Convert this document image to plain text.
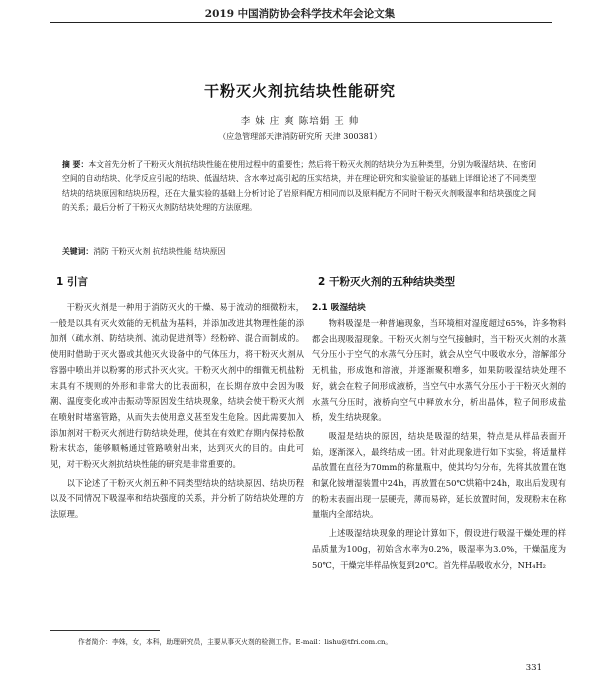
2019 中国消防协会科学技术年会论文集
干粉灭火剂抗结块性能研究
李 妹 庄 爽 陈培娟 王 帅
（应急管理部天津消防研究所 天津 300381）

摘 要：本文首先分析了干粉灭火剂抗结块性能在使用过程中的重要性；然后将干粉灭火剂的结块分为五种类型，分别为吸湿结块、在密闭空间的自动结块、化学反应引起的结块、低温结块、含水率过高引起的压实结块，并在理论研究和实验验证的基础上详细论述了不同类型结块的结块原因和结块历程，还在大量实验的基础上分析讨论了岩原料配方相同而以及原料配方不同时干粉灭火剂吸湿率和结块强度之间的关系；最后分析了干粉灭火剂防结块处理的方法原理。

关键词：消防 干粉灭火剂 抗结块性能 结块原因

1 引言

干粉灭火剂是一种用于消防灭火的干燥、易于流动的细微粉末，一般是以具有灭火效能的无机盐为基料，并添加改进其物理性能的添加剂（疏水剂、防结块剂、流动促进剂等）经粉碎、混合而制成的。使用时借助于灭火器或其他灭火设备中的气体压力，将干粉灭火剂从容器中喷出并以粉雾的形式扑灭火灾。干粉灭火剂中的细微无机盐粉末具有不规则的外形和非常大的比表面积，在长期存放中会因为吸潮、温度变化或冲击振动等原因发生结块现象，结块会使干粉灭火剂在喷射时堵塞管路，从而失去使用意义甚至发生危险。因此需要加入添加剂对干粉灭火剂进行防结块处理，使其在有效贮存期内保持松散粉末状态，能够顺畅通过管路喷射出来，达到灭火的目的。由此可见，对干粉灭火剂抗结块性能的研究是非常重要的。

以下论述了干粉灭火剂五种不同类型结块的结块原因、结块历程以及不同情况下吸湿率和结块强度的关系，并分析了防结块处理的方法原理。

2 干粉灭火剂的五种结块类型
2.1 吸湿结块

物料吸湿是一种普遍现象，当环境相对湿度超过65%，许多物料都会出现吸湿现象。干粉灭火剂与空气接触时，当干粉灭火剂的水蒸气分压小于空气的水蒸气分压时，就会从空气中吸收水分，溶解部分无机盐，形成饱和溶液，并逐渐聚积增多，如果防吸湿结块处理不好，就会在粒子间形成液桥，当空气中水蒸气分压小于干粉灭火剂的水蒸气分压时，液桥向空气中释放水分，析出晶体，粒子间形成盐桥，发生结块现象。

吸湿是结块的原因，结块是吸湿的结果，特点是从样品表面开始，逐渐深入，最终结成一团。针对此现象进行如下实验，将适量样品放置在直径为70mm的称量瓶中，使其均匀分布，先将其放置在饱和氯化铵增湿装置中24h，再放置在50℃烘箱中24h，取出后发现有的粉末表面出现一层硬壳，薄而易碎，延长放置时间，发现粉末在称量瓶内全部结块。

上述吸湿结块现象的理论计算如下，假设进行吸湿干燥处理的样品质量为100g，初始含水率为0.2%，吸湿率为3.0%，干燥温度为50℃，干燥完毕样品恢复到20℃。首先样品吸收水分，NH₄H₂

作者简介：李姝，女，本科，助理研究员，主要从事灭火剂的检测工作。E-mail：lishu@tfri.com.cn。
331
